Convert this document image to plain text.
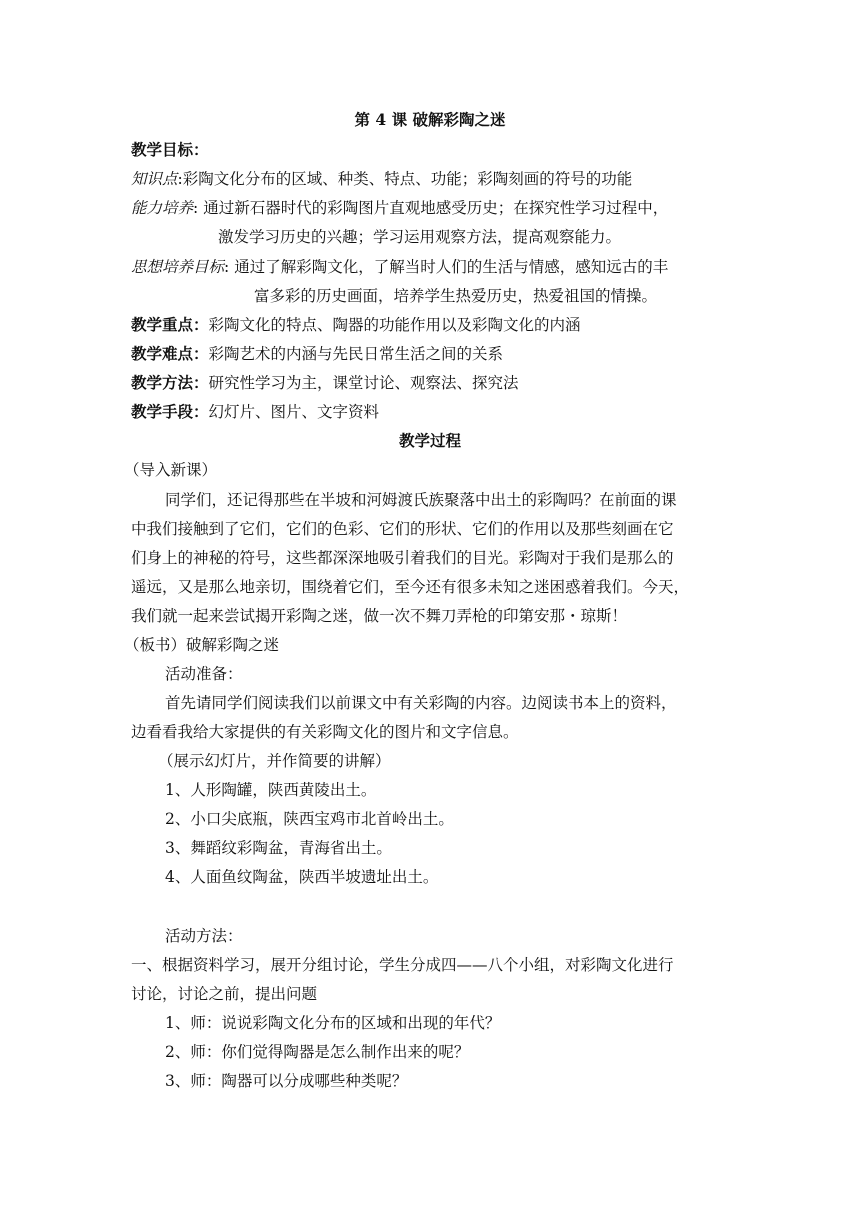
第 4 课 破解彩陶之迷
教学目标：
知识点:彩陶文化分布的区域、种类、特点、功能；彩陶刻画的符号的功能
能力培养: 通过新石器时代的彩陶图片直观地感受历史；在探究性学习过程中，
激发学习历史的兴趣；学习运用观察方法，提高观察能力。
思想培养目标: 通过了解彩陶文化，了解当时人们的生活与情感，感知远古的丰
富多彩的历史画面，培养学生热爱历史，热爱祖国的情操。
教学重点：彩陶文化的特点、陶器的功能作用以及彩陶文化的内涵
教学难点：彩陶艺术的内涵与先民日常生活之间的关系
教学方法：研究性学习为主，课堂讨论、观察法、探究法
教学手段：幻灯片、图片、文字资料
教学过程
（导入新课）
同学们，还记得那些在半坡和河姆渡氏族聚落中出土的彩陶吗？在前面的课
中我们接触到了它们，它们的色彩、它们的形状、它们的作用以及那些刻画在它
们身上的神秘的符号，这些都深深地吸引着我们的目光。彩陶对于我们是那么的
遥远，又是那么地亲切，围绕着它们，至今还有很多未知之迷困惑着我们。今天，
我们就一起来尝试揭开彩陶之迷，做一次不舞刀弄枪的印第安那・琼斯！
（板书）破解彩陶之迷
活动准备：
首先请同学们阅读我们以前课文中有关彩陶的内容。边阅读书本上的资料，
边看看我给大家提供的有关彩陶文化的图片和文字信息。
（展示幻灯片，并作简要的讲解）
1、人形陶罐，陕西黄陵出土。
2、小口尖底瓶，陕西宝鸡市北首岭出土。
3、舞蹈纹彩陶盆，青海省出土。
4、人面鱼纹陶盆，陕西半坡遗址出土。
活动方法：
一、根据资料学习，展开分组讨论，学生分成四——八个小组，对彩陶文化进行
讨论，讨论之前，提出问题
1、师：说说彩陶文化分布的区域和出现的年代？
2、师：你们觉得陶器是怎么制作出来的呢？
3、师：陶器可以分成哪些种类呢？
